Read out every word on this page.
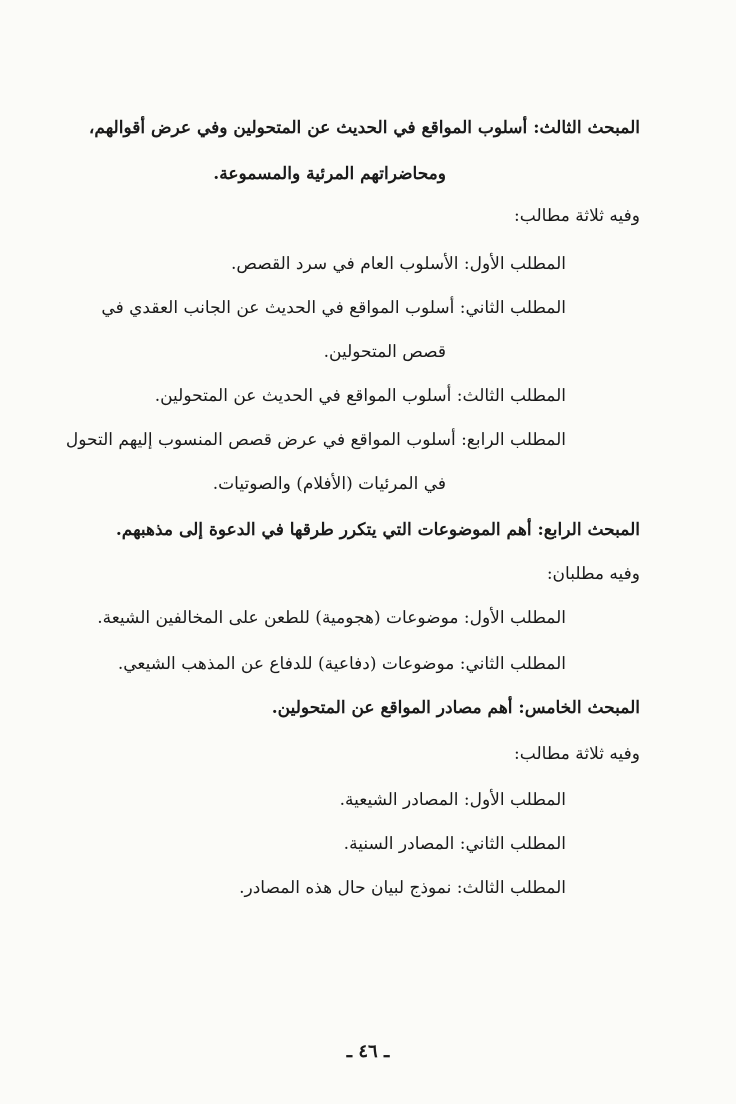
المبحث الثالث: أسلوب المواقع في الحديث عن المتحولين وفي عرض أقوالهم،
ومحاضراتهم المرئية والمسموعة.
وفيه ثلاثة مطالب:
المطلب الأول: الأسلوب العام في سرد القصص.
المطلب الثاني: أسلوب المواقع في الحديث عن الجانب العقدي في
قصص المتحولين.
المطلب الثالث: أسلوب المواقع في الحديث عن المتحولين.
المطلب الرابع: أسلوب المواقع في عرض قصص المنسوب إليهم التحول
في المرئيات (الأفلام) والصوتيات.
المبحث الرابع: أهم الموضوعات التي يتكرر طرقها في الدعوة إلى مذهبهم.
وفيه مطلبان:
المطلب الأول: موضوعات (هجومية) للطعن على المخالفين الشيعة.
المطلب الثاني: موضوعات (دفاعية) للدفاع عن المذهب الشيعي.
المبحث الخامس: أهم مصادر المواقع عن المتحولين.
وفيه ثلاثة مطالب:
المطلب الأول: المصادر الشيعية.
المطلب الثاني: المصادر السنية.
المطلب الثالث: نموذج لبيان حال هذه المصادر.
ـ ٤٦ ـ
